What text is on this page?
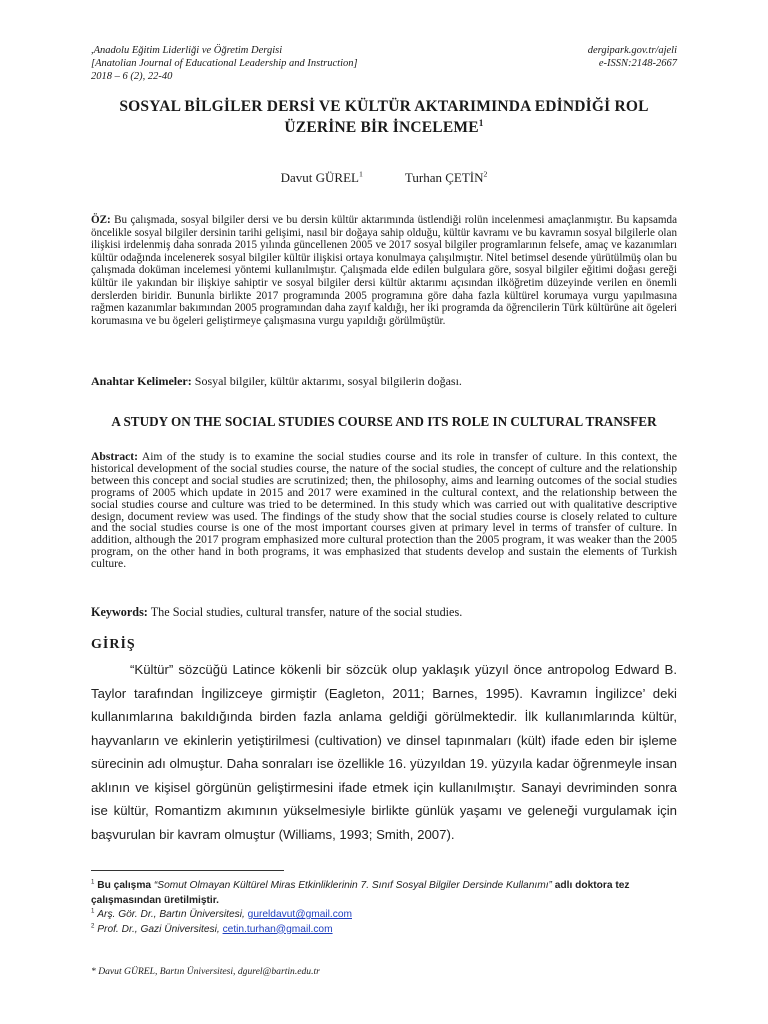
,Anadolu Eğitim Liderliği ve Öğretim Dergisi
[Anatolian Journal of Educational Leadership and Instruction]
2018 – 6 (2), 22-40
dergipark.gov.tr/ajeli
e-ISSN:2148-2667
SOSYAL BİLGİLER DERSİ VE KÜLTÜR AKTARIMINDA EDİNDİĞİ ROL ÜZERİNE BİR İNCELEME$^1$
Davut GÜREL$^1$	Turhan ÇETİN$^2$
ÖZ: Bu çalışmada, sosyal bilgiler dersi ve bu dersin kültür aktarımında üstlendiği rolün incelenmesi amaçlanmıştır. Bu kapsamda öncelikle sosyal bilgiler dersinin tarihi gelişimi, nasıl bir doğaya sahip olduğu, kültür kavramı ve bu kavramın sosyal bilgilerle olan ilişkisi irdelenmiş daha sonrada 2015 yılında güncellenen 2005 ve 2017 sosyal bilgiler programlarının felsefe, amaç ve kazanımları kültür odağında incelenerek sosyal bilgiler kültür ilişkisi ortaya konulmaya çalışılmıştır. Nitel betimsel desende yürütülmüş olan bu çalışmada doküman incelemesi yöntemi kullanılmıştır. Çalışmada elde edilen bulgulara göre, sosyal bilgiler eğitimi doğası gereği kültür ile yakından bir ilişkiye sahiptir ve sosyal bilgiler dersi kültür aktarımı açısından ilköğretim düzeyinde verilen en önemli derslerden biridir. Bununla birlikte 2017 programında 2005 programına göre daha fazla kültürel korumaya vurgu yapılmasına rağmen kazanımlar bakımından 2005 programından daha zayıf kaldığı, her iki programda da öğrencilerin Türk kültürüne ait ögeleri korumasına ve bu ögeleri geliştirmeye çalışmasına vurgu yapıldığı görülmüştür.
Anahtar Kelimeler: Sosyal bilgiler, kültür aktarımı, sosyal bilgilerin doğası.
A STUDY ON THE SOCIAL STUDIES COURSE AND ITS ROLE IN CULTURAL TRANSFER
Abstract: Aim of the study is to examine the social studies course and its role in transfer of culture. In this context, the historical development of the social studies course, the nature of the social studies, the concept of culture and the relationship between this concept and social studies are scrutinized; then, the philosophy, aims and learning outcomes of the social studies programs of 2005 which update in 2015 and 2017 were examined in the cultural context, and the relationship between the social studies course and culture was tried to be determined. In this study which was carried out with qualitative descriptive design, document review was used. The findings of the study show that the social studies course is closely related to culture and the social studies course is one of the most important courses given at primary level in terms of transfer of culture. In addition, although the 2017 program emphasized more cultural protection than the 2005 program, it was weaker than the 2005 program, on the other hand in both programs, it was emphasized that students develop and sustain the elements of Turkish culture.
Keywords: The Social studies, cultural transfer, nature of the social studies.
GİRİŞ

“Kültür” sözcüğü Latince kökenli bir sözcük olup yaklaşık yüzyıl önce antropolog Edward B. Taylor tarafından İngilizceye girmiştir (Eagleton, 2011; Barnes, 1995). Kavramın İngilizce’ deki kullanımlarına bakıldığında birden fazla anlama geldiği görülmektedir. İlk kullanımlarında kültür, hayvanların ve ekinlerin yetiştirilmesi (cultivation) ve dinsel tapınmaları (kült) ifade eden bir işleme sürecinin adı olmuştur. Daha sonraları ise özellikle 16. yüzyıldan 19. yüzyıla kadar öğrenmeyle insan aklının ve kişisel görgünün geliştirmesini ifade etmek için kullanılmıştır. Sanayi devriminden sonra ise kültür, Romantizm akımının yükselmesiyle birlikte günlük yaşamı ve geleneği vurgulamak için başvurulan bir kavram olmuştur (Williams, 1993; Smith, 2007).

$^1$ Bu çalışma “Somut Olmayan Kültürel Miras Etkinliklerinin 7. Sınıf Sosyal Bilgiler Dersinde Kullanımı” adlı doktora tez çalışmasından üretilmiştir.
$^1$ Arş. Gör. Dr., Bartın Üniversitesi, gureldavut@gmail.com
$^2$ Prof. Dr., Gazi Üniversitesi, cetin.turhan@gmail.com
* Davut GÜREL, Bartın Üniversitesi, dgurel@bartin.edu.tr
